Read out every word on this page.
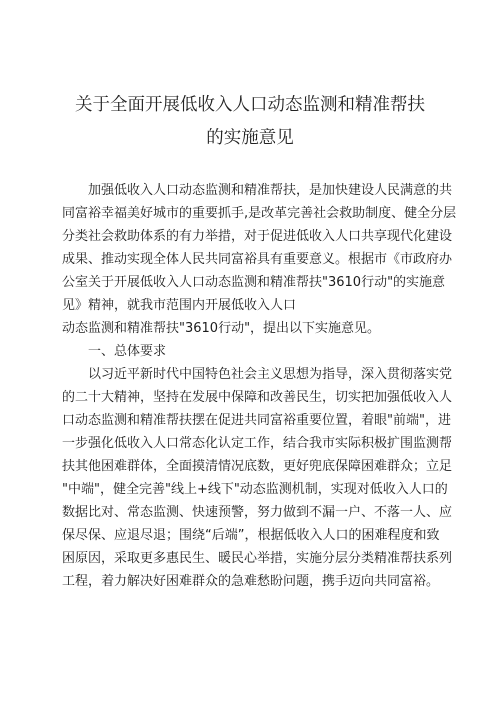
关于全面开展低收入人口动态监测和精准帮扶
的实施意见
加强低收入人口动态监测和精准帮扶，是加快建设人民满意的共
同富裕幸福美好城市的重要抓手,是改革完善社会救助制度、健全分层
分类社会救助体系的有力举措，对于促进低收入人口共享现代化建设
成果、推动实现全体人民共同富裕具有重要意义。根据市《市政府办
公室关于开展低收入人口动态监测和精准帮扶"3610行动"的实施意
见》精神，就我市范围内开展低收入人口
动态监测和精准帮扶"3610行动"，提出以下实施意见。
一、总体要求
以习近平新时代中国特色社会主义思想为指导，深入贯彻落实党
的二十大精神，坚持在发展中保障和改善民生，切实把加强低收入人
口动态监测和精准帮扶摆在促进共同富裕重要位置，着眼"前端"，进
一步强化低收入人口常态化认定工作，结合我市实际积极扩围监测帮
扶其他困难群体，全面摸清情况底数，更好兜底保障困难群众；立足
"中端"，健全完善"线上+线下"动态监测机制，实现对低收入人口的
数据比对、常态监测、快速预警，努力做到不漏一户、不落一人、应
保尽保、应退尽退；围绕“后端”，根据低收入人口的困难程度和致
困原因，采取更多惠民生、暖民心举措，实施分层分类精准帮扶系列
工程，着力解决好困难群众的急难愁盼问题，携手迈向共同富裕。
